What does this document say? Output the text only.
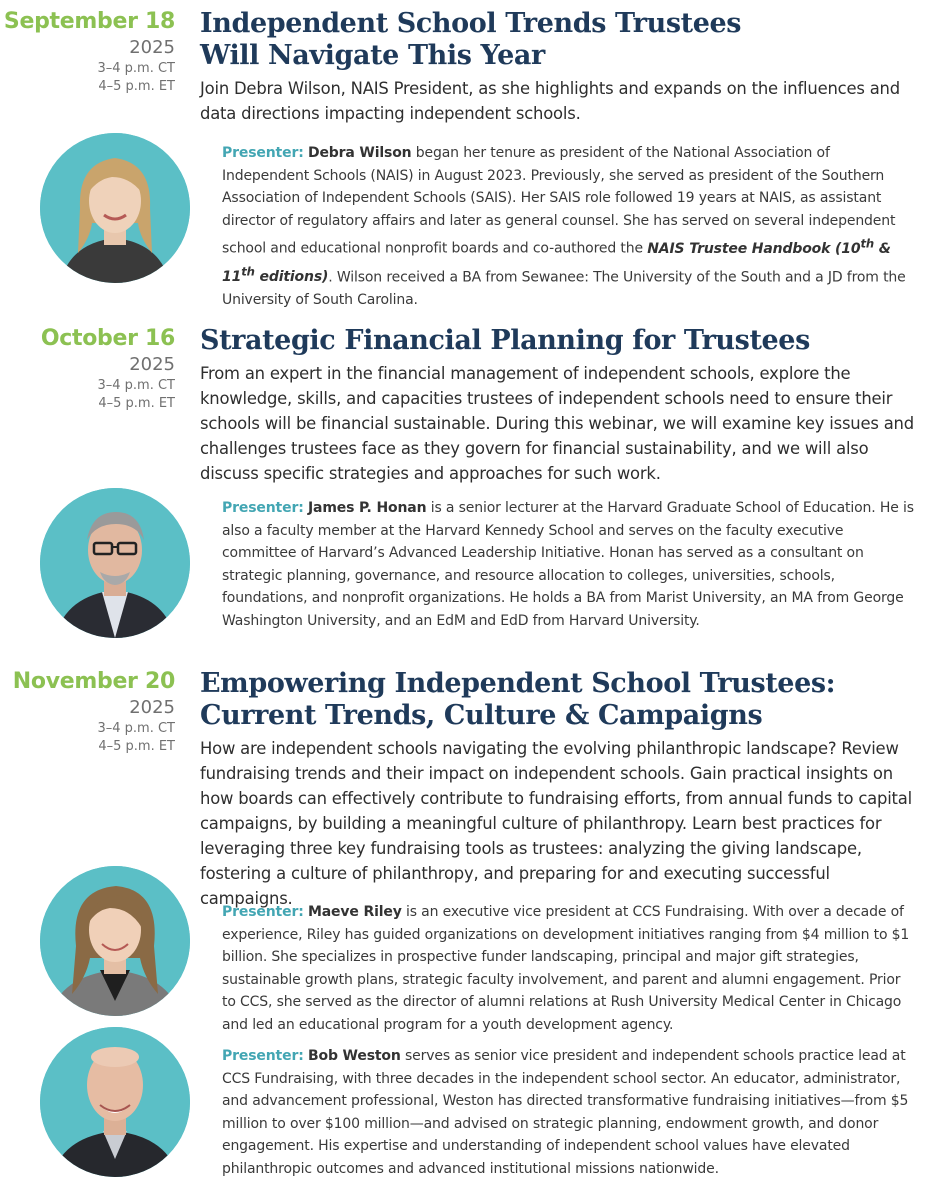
September 18
2025
3–4 p.m. CT
4–5 p.m. ET
Independent School Trends Trustees
Will Navigate This Year

Join Debra Wilson, NAIS President, as she highlights and expands on the influences and data directions impacting independent schools.

Presenter: Debra Wilson began her tenure as president of the National Association of Independent Schools (NAIS) in August 2023. Previously, she served as president of the Southern Association of Independent Schools (SAIS). Her SAIS role followed 19 years at NAIS, as assistant director of regulatory affairs and later as general counsel. She has served on several independent school and educational nonprofit boards and co-authored the NAIS Trustee Handbook (10th & 11th editions). Wilson received a BA from Sewanee: The University of the South and a JD from the University of South Carolina.
October 16
2025
3–4 p.m. CT
4–5 p.m. ET
Strategic Financial Planning for Trustees

From an expert in the financial management of independent schools, explore the knowledge, skills, and capacities trustees of independent schools need to ensure their schools will be financial sustainable. During this webinar, we will examine key issues and challenges trustees face as they govern for financial sustainability, and we will also discuss specific strategies and approaches for such work.

Presenter: James P. Honan is a senior lecturer at the Harvard Graduate School of Education. He is also a faculty member at the Harvard Kennedy School and serves on the faculty executive committee of Harvard’s Advanced Leadership Initiative. Honan has served as a consultant on strategic planning, governance, and resource allocation to colleges, universities, schools, foundations, and nonprofit organizations. He holds a BA from Marist University, an MA from George Washington University, and an EdM and EdD from Harvard University.
November 20
2025
3–4 p.m. CT
4–5 p.m. ET
Empowering Independent School Trustees:
Current Trends, Culture & Campaigns

How are independent schools navigating the evolving philanthropic landscape? Review fundraising trends and their impact on independent schools. Gain practical insights on how boards can effectively contribute to fundraising efforts, from annual funds to capital campaigns, by building a meaningful culture of philanthropy. Learn best practices for leveraging three key fundraising tools as trustees: analyzing the giving landscape, fostering a culture of philanthropy, and preparing for and executing successful campaigns.

Presenter: Maeve Riley is an executive vice president at CCS Fundraising. With over a decade of experience, Riley has guided organizations on development initiatives ranging from $4 million to $1 billion. She specializes in prospective funder landscaping, principal and major gift strategies, sustainable growth plans, strategic faculty involvement, and parent and alumni engagement. Prior to CCS, she served as the director of alumni relations at Rush University Medical Center in Chicago and led an educational program for a youth development agency.
Presenter: Bob Weston serves as senior vice president and independent schools practice lead at CCS Fundraising, with three decades in the independent school sector. An educator, administrator, and advancement professional, Weston has directed transformative fundraising initiatives—from $5 million to over $100 million—and advised on strategic planning, endowment growth, and donor engagement. His expertise and understanding of independent school values have elevated philanthropic outcomes and advanced institutional missions nationwide.
